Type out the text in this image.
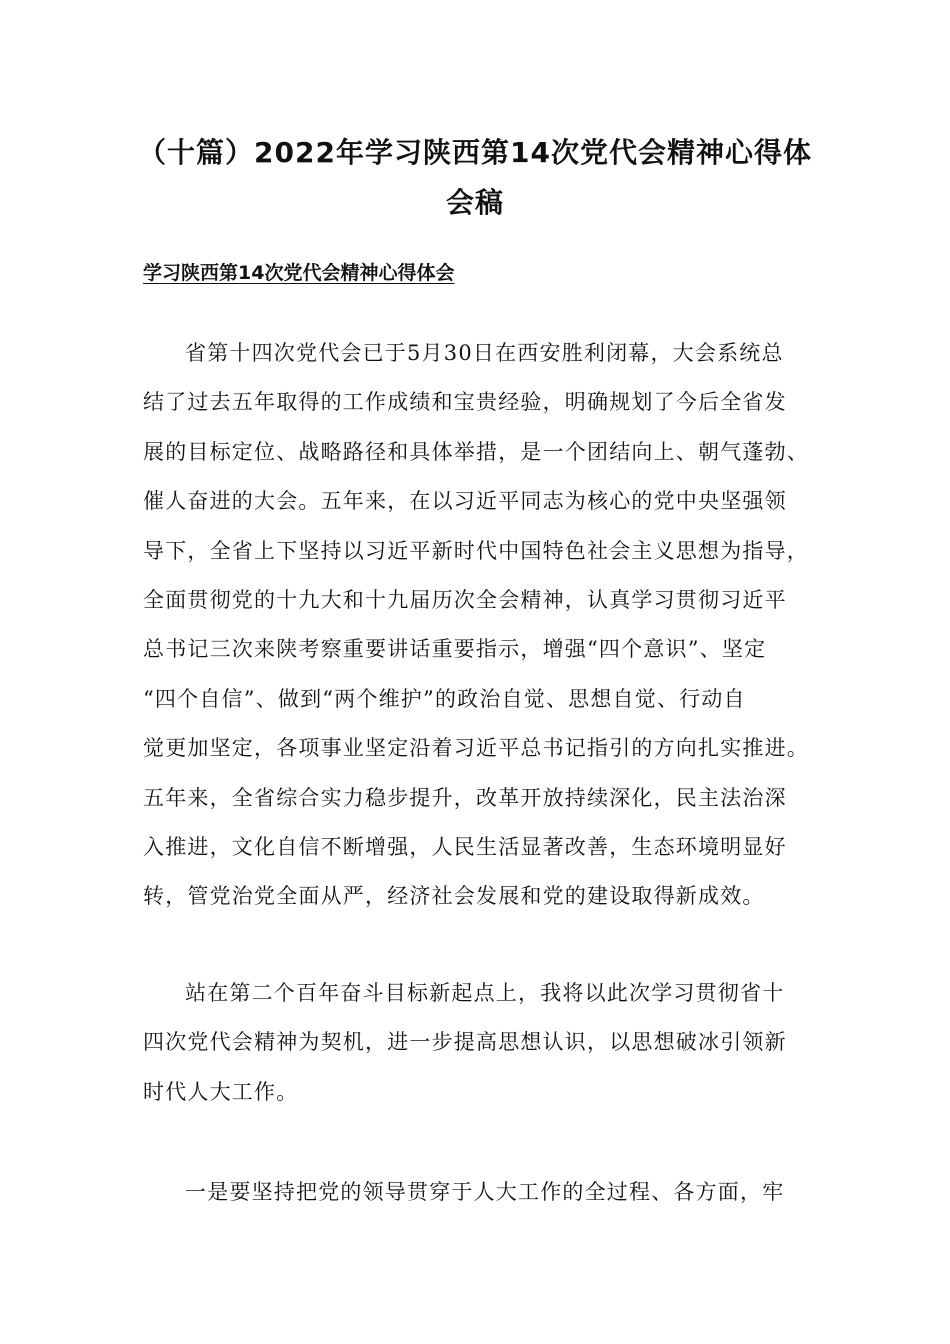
（十篇）2022年学习陕西第14次党代会精神心得体
会稿
学习陕西第14次党代会精神心得体会
省第十四次党代会已于5月30日在西安胜利闭幕，大会系统总
结了过去五年取得的工作成绩和宝贵经验，明确规划了今后全省发
展的目标定位、战略路径和具体举措，是一个团结向上、朝气蓬勃、
催人奋进的大会。五年来，在以习近平同志为核心的党中央坚强领
导下，全省上下坚持以习近平新时代中国特色社会主义思想为指导，
全面贯彻党的十九大和十九届历次全会精神，认真学习贯彻习近平
总书记三次来陕考察重要讲话重要指示，增强“四个意识”、坚定
“四个自信”、做到“两个维护”的政治自觉、思想自觉、行动自
觉更加坚定，各项事业坚定沿着习近平总书记指引的方向扎实推进。
五年来，全省综合实力稳步提升，改革开放持续深化，民主法治深
入推进，文化自信不断增强，人民生活显著改善，生态环境明显好
转，管党治党全面从严，经济社会发展和党的建设取得新成效。
站在第二个百年奋斗目标新起点上，我将以此次学习贯彻省十
四次党代会精神为契机，进一步提高思想认识，以思想破冰引领新
时代人大工作。
一是要坚持把党的领导贯穿于人大工作的全过程、各方面，牢
